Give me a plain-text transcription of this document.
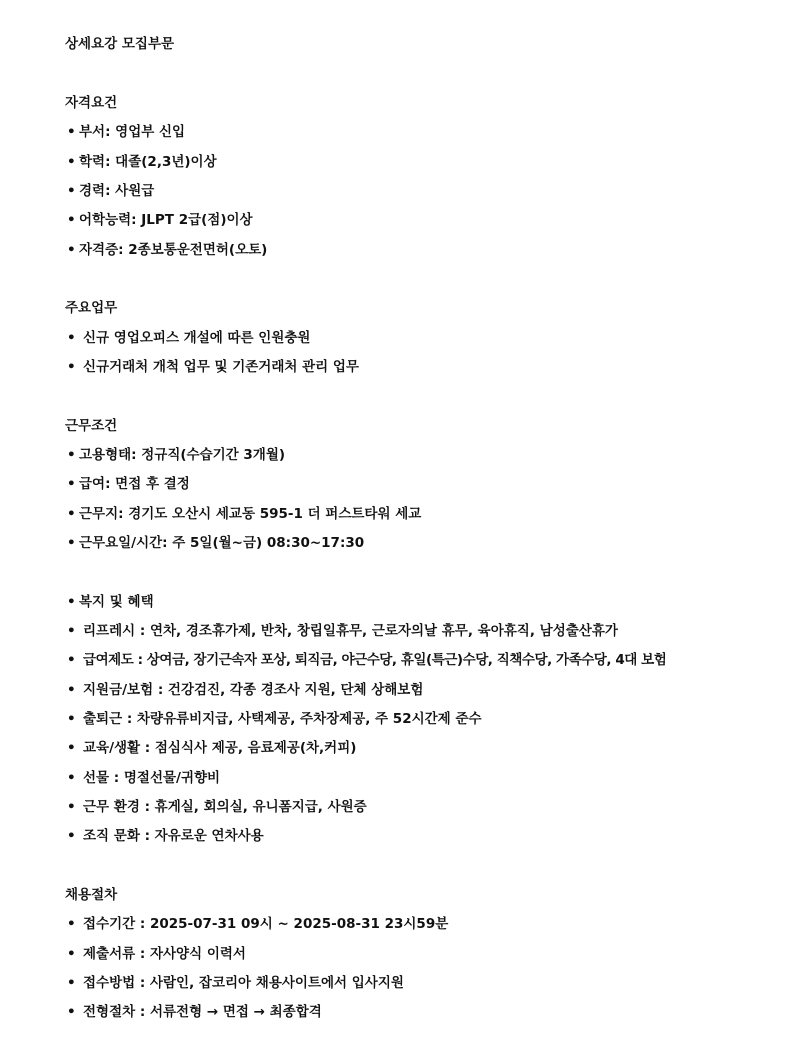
상세요강 모집부문
자격요건
• 부서: 영업부 신입
• 학력: 대졸(2,3년)이상
• 경력: 사원급
• 어학능력: JLPT 2급(점)이상
• 자격증: 2종보통운전면허(오토)
주요업무
• 신규 영업오피스 개설에 따른 인원충원
• 신규거래처 개척 업무 및 기존거래처 관리 업무
근무조건
• 고용형태: 정규직(수습기간 3개월)
• 급여: 면접 후 결정
• 근무지: 경기도 오산시 세교동 595-1 더 퍼스트타워 세교
• 근무요일/시간: 주 5일(월~금) 08:30~17:30
• 복지 및 혜택
• 리프레시 : 연차, 경조휴가제, 반차, 창립일휴무, 근로자의날 휴무, 육아휴직, 남성출산휴가
• 급여제도 : 상여금, 장기근속자 포상, 퇴직금, 야근수당, 휴일(특근)수당, 직책수당, 가족수당, 4대 보험
• 지원금/보험 : 건강검진, 각종 경조사 지원, 단체 상해보험
• 출퇴근 : 차량유류비지급, 사택제공, 주차장제공, 주 52시간제 준수
• 교육/생활 : 점심식사 제공, 음료제공(차,커피)
• 선물 : 명절선물/귀향비
• 근무 환경 : 휴게실, 회의실, 유니폼지급, 사원증
• 조직 문화 : 자유로운 연차사용
채용절차
• 접수기간 : 2025-07-31 09시 ~ 2025-08-31 23시59분
• 제출서류 : 자사양식 이력서
• 접수방법 : 사람인, 잡코리아 채용사이트에서 입사지원
• 전형절차 : 서류전형 → 면접 → 최종합격
